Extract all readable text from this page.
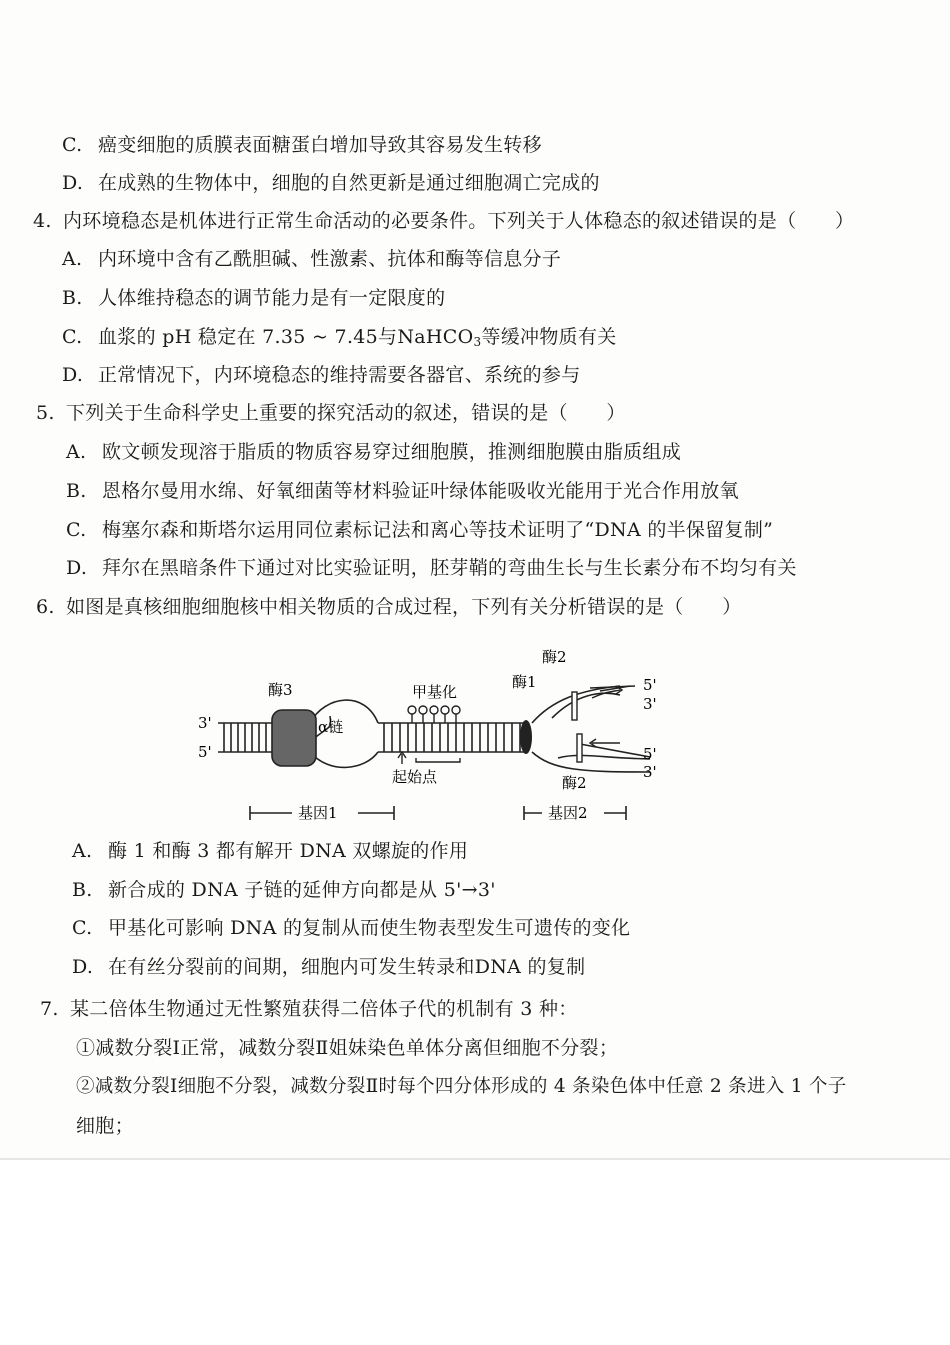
C. 癌变细胞的质膜表面糖蛋白增加导致其容易发生转移
D. 在成熟的生物体中，细胞的自然更新是通过细胞凋亡完成的
4. 内环境稳态是机体进行正常生命活动的必要条件。下列关于人体稳态的叙述错误的是（　　）
A. 内环境中含有乙酰胆碱、性激素、抗体和酶等信息分子
B. 人体维持稳态的调节能力是有一定限度的
C. 血浆的 pH 稳定在 7.35 ~ 7.45与NaHCO$_3$等缓冲物质有关
D. 正常情况下，内环境稳态的维持需要各器官、系统的参与
5. 下列关于生命科学史上重要的探究活动的叙述，错误的是（　　）
A. 欧文顿发现溶于脂质的物质容易穿过细胞膜，推测细胞膜由脂质组成
B. 恩格尔曼用水绵、好氧细菌等材料验证叶绿体能吸收光能用于光合作用放氧
C. 梅塞尔森和斯塔尔运用同位素标记法和离心等技术证明了“DNA 的半保留复制”
D. 拜尔在黑暗条件下通过对比实验证明，胚芽鞘的弯曲生长与生长素分布不均匀有关
6. 如图是真核细胞细胞核中相关物质的合成过程，下列有关分析错误的是（　　）
酶3
α链
甲基化
酶1
酶2
酶2
起始点
基因1	基因2
3'
5'
5'
3'
5'
3'
A. 酶 1 和酶 3 都有解开 DNA 双螺旋的作用
B. 新合成的 DNA 子链的延伸方向都是从 5'→3'
C. 甲基化可影响 DNA 的复制从而使生物表型发生可遗传的变化
D. 在有丝分裂前的间期，细胞内可发生转录和DNA 的复制
7. 某二倍体生物通过无性繁殖获得二倍体子代的机制有 3 种：
①减数分裂Ⅰ正常，减数分裂Ⅱ姐妹染色单体分离但细胞不分裂；
②减数分裂Ⅰ细胞不分裂，减数分裂Ⅱ时每个四分体形成的 4 条染色体中任意 2 条进入 1 个子
细胞；
